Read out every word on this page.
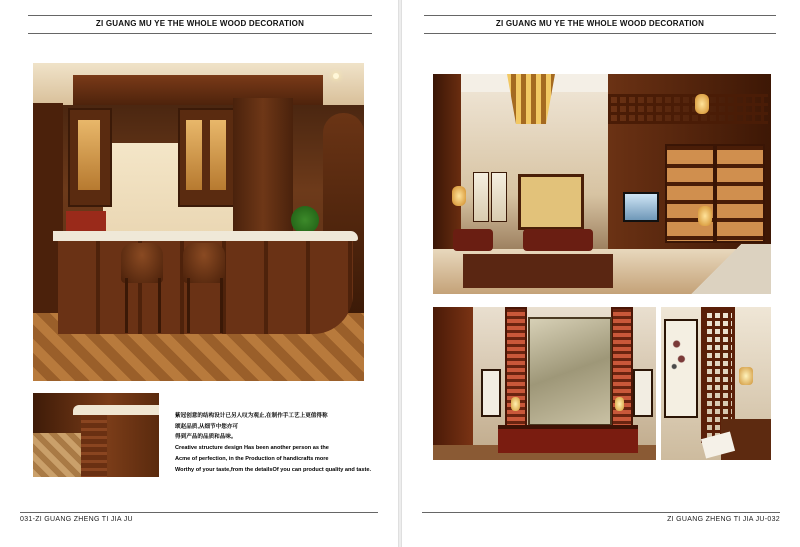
ZI GUANG MU YE THE WHOLE WOOD DECORATION
紫冠创意的结构设计已另人叹为观止,在制作手工艺上更值得称
颂赵品质,从细节中您亦可
得到产品的品质和品味。
Creative structure design Has been another person as the
Acme of perfection, in the Production of handicrafts more
Worthy of your taste,from the detailsOf you can product quality and taste.
031-ZI GUANG ZHENG TI JIA JU
ZI GUANG MU YE THE WHOLE WOOD DECORATION
ZI GUANG ZHENG TI JIA JU-032
